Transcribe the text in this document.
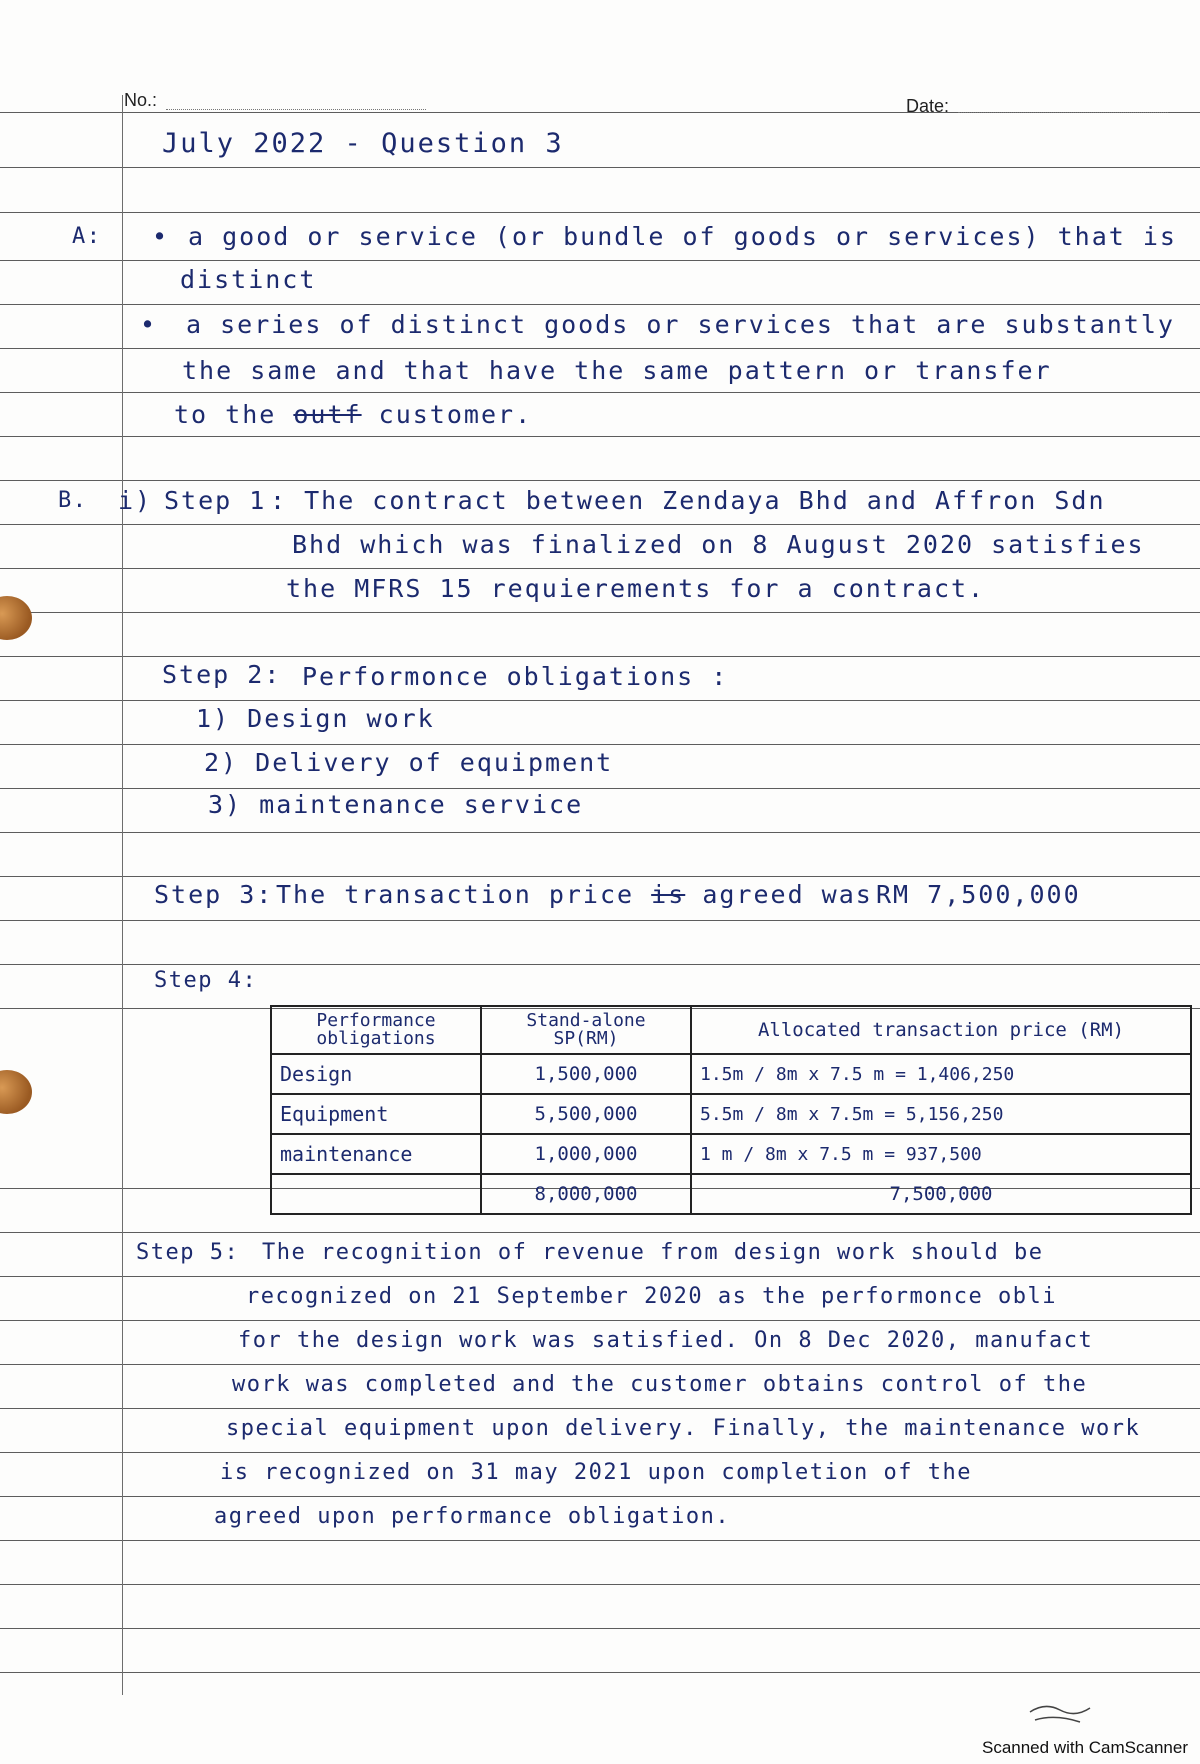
No.:	Date:
July 2022 - Question 3
A: • a good or service (or bundle of goods or services) that is
distinct
• a series of distinct goods or services that are substantly
the same and that have the same pattern or transfer
to the outf customer.
B. i) Step 1 : The contract between Zendaya Bhd and Affron Sdn
Bhd which was finalized on 8 August 2020 satisfies
the MFRS 15 requierements for a contract.
Step 2: Performonce obligations :
1) Design work
2) Delivery of equipment
3) maintenance service
Step 3: The transaction price is agreed was RM 7,500,000
Step 4:
Performance obligations	Stand-alone SP(RM)	Allocated transaction price (RM)
Design	1,500,000	1.5m / 8m x 7.5 m = 1,406,250
Equipment	5,500,000	5.5m / 8m x 7.5m = 5,156,250
maintenance	1,000,000	1 m / 8m x 7.5 m = 937,500
	8,000,000	7,500,000
Step 5: The recognition of revenue from design work should be
recognized on 21 September 2020 as the performonce obli
for the design work was satisfied. On 8 Dec 2020, manufact
work was completed and the customer obtains control of the
special equipment upon delivery. Finally, the maintenance work
is recognized on 31 may 2021 upon completion of the
agreed upon performance obligation.
Scanned with CamScanner
